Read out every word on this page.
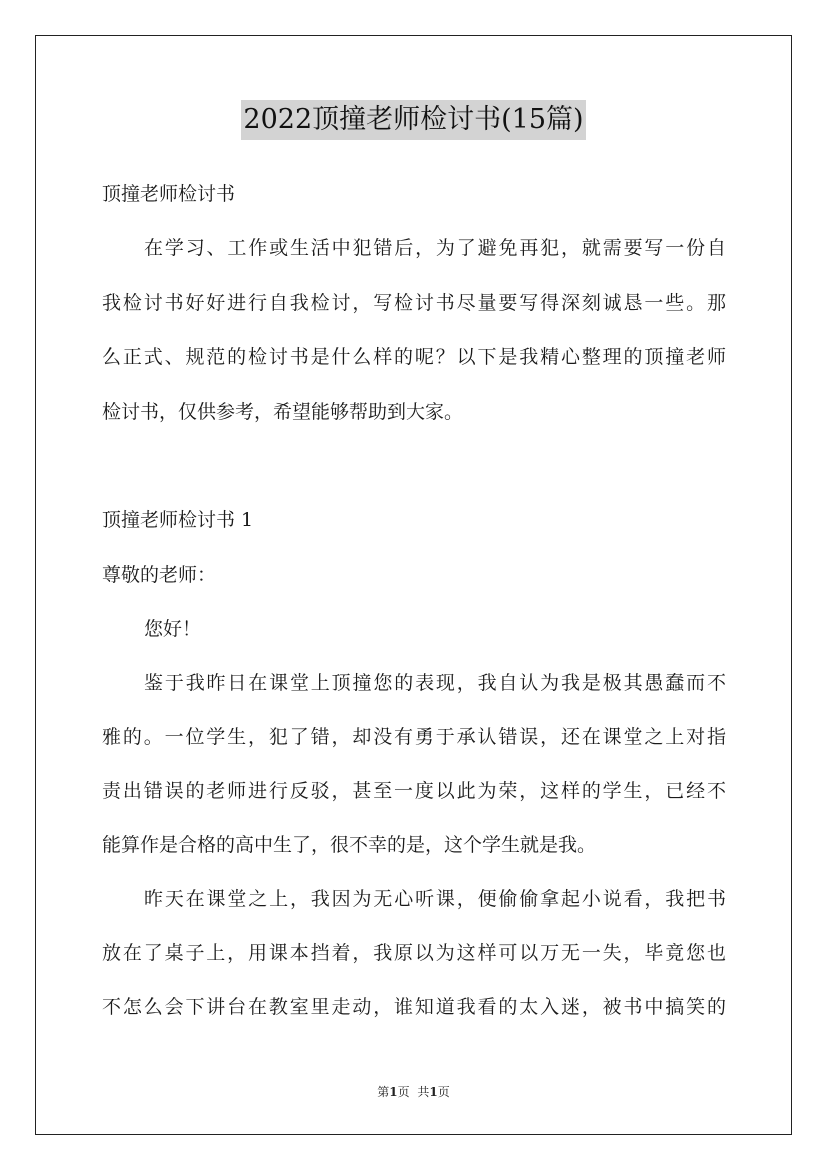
2022顶撞老师检讨书(15篇)
顶撞老师检讨书
在学习、工作或生活中犯错后，为了避免再犯，就需要写一份自
我检讨书好好进行自我检讨，写检讨书尽量要写得深刻诚恳一些。那
么正式、规范的检讨书是什么样的呢？以下是我精心整理的顶撞老师
检讨书，仅供参考，希望能够帮助到大家。
顶撞老师检讨书 1
尊敬的老师：
您好！
鉴于我昨日在课堂上顶撞您的表现，我自认为我是极其愚蠢而不
雅的。一位学生，犯了错，却没有勇于承认错误，还在课堂之上对指
责出错误的老师进行反驳，甚至一度以此为荣，这样的学生，已经不
能算作是合格的高中生了，很不幸的是，这个学生就是我。
昨天在课堂之上，我因为无心听课，便偷偷拿起小说看，我把书
放在了桌子上，用课本挡着，我原以为这样可以万无一失，毕竟您也
不怎么会下讲台在教室里走动，谁知道我看的太入迷，被书中搞笑的
第1页 共1页
